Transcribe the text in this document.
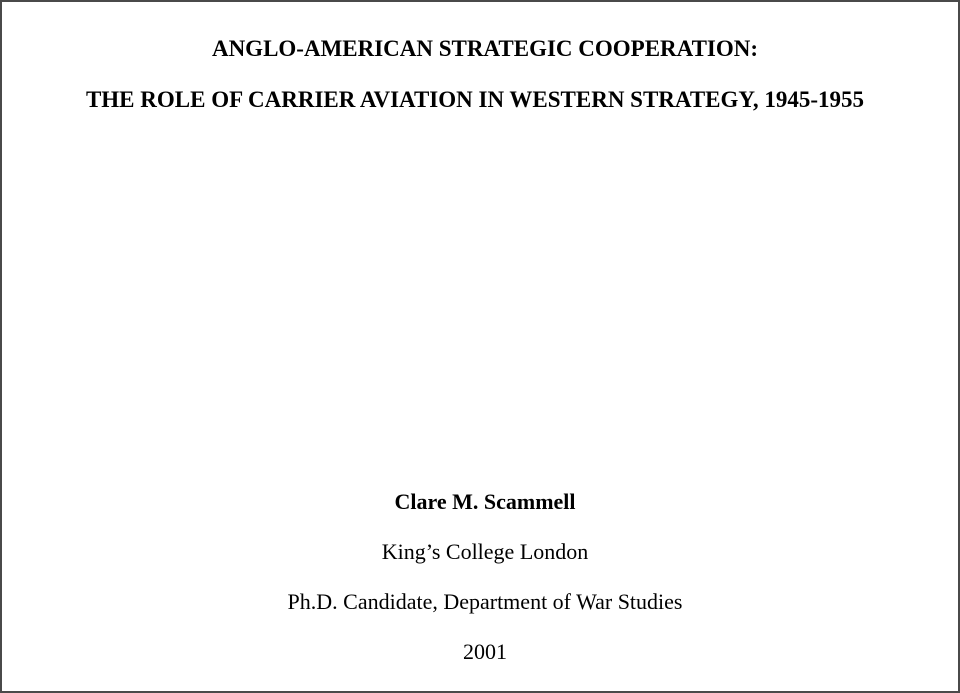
ANGLO-AMERICAN STRATEGIC COOPERATION:
THE ROLE OF CARRIER AVIATION IN WESTERN STRATEGY, 1945-1955
Clare M. Scammell
King’s College London
Ph.D. Candidate, Department of War Studies
2001
